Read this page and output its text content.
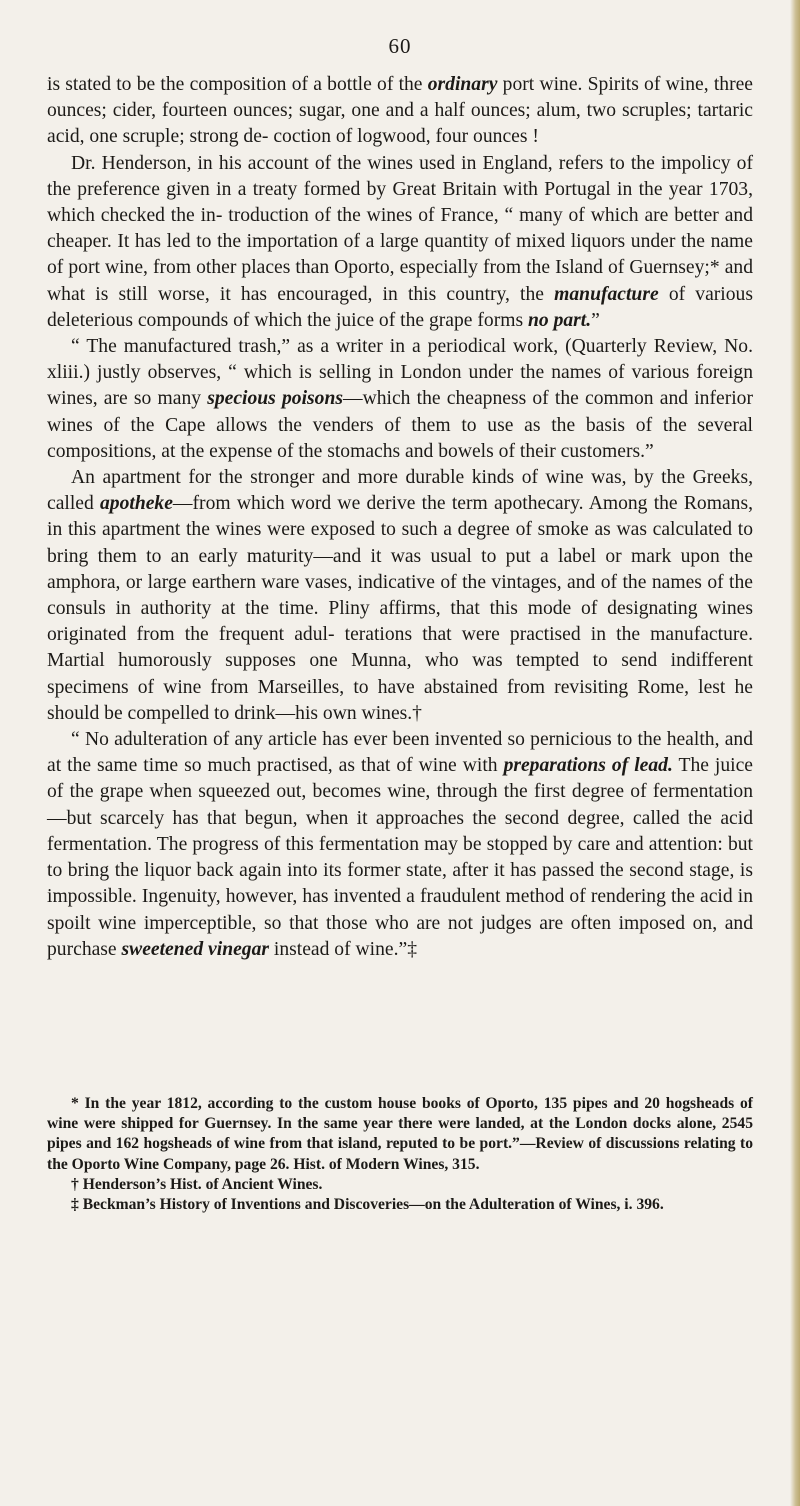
60

is stated to be the composition of a bottle of the ordinary port wine. Spirits of wine, three ounces; cider, fourteen ounces; sugar, one and a half ounces; alum, two scruples; tartaric acid, one scruple; strong de- coction of logwood, four ounces !

Dr. Henderson, in his account of the wines used in England, refers to the impolicy of the preference given in a treaty formed by Great Britain with Portugal in the year 1703, which checked the in- troduction of the wines of France, “ many of which are better and cheaper. It has led to the importation of a large quantity of mixed liquors under the name of port wine, from other places than Oporto, especially from the Island of Guernsey;* and what is still worse, it has encouraged, in this country, the manufacture of various deleterious compounds of which the juice of the grape forms no part.”

“ The manufactured trash,” as a writer in a periodical work, (Quarterly Review, No. xliii.) justly observes, “ which is selling in London under the names of various foreign wines, are so many specious poisons—which the cheapness of the common and inferior wines of the Cape allows the venders of them to use as the basis of the several compositions, at the expense of the stomachs and bowels of their customers.”

An apartment for the stronger and more durable kinds of wine was, by the Greeks, called apotheke—from which word we derive the term apothecary. Among the Romans, in this apartment the wines were exposed to such a degree of smoke as was calculated to bring them to an early maturity—and it was usual to put a label or mark upon the amphora, or large earthern ware vases, indicative of the vintages, and of the names of the consuls in authority at the time. Pliny affirms, that this mode of designating wines originated from the frequent adul- terations that were practised in the manufacture. Martial humorously supposes one Munna, who was tempted to send indifferent specimens of wine from Marseilles, to have abstained from revisiting Rome, lest he should be compelled to drink—his own wines.†

“ No adulteration of any article has ever been invented so pernicious to the health, and at the same time so much practised, as that of wine with preparations of lead. The juice of the grape when squeezed out, becomes wine, through the first degree of fermentation—but scarcely has that begun, when it approaches the second degree, called the acid fermentation. The progress of this fermentation may be stopped by care and attention: but to bring the liquor back again into its former state, after it has passed the second stage, is impossible. Ingenuity, however, has invented a fraudulent method of rendering the acid in spoilt wine imperceptible, so that those who are not judges are often imposed on, and purchase sweetened vinegar instead of wine.”‡

* In the year 1812, according to the custom house books of Oporto, 135 pipes and 20 hogsheads of wine were shipped for Guernsey. In the same year there were landed, at the London docks alone, 2545 pipes and 162 hogsheads of wine from that island, reputed to be port.”—Review of discussions relating to the Oporto Wine Company, page 26. Hist. of Modern Wines, 315.

† Henderson’s Hist. of Ancient Wines.

‡ Beckman’s History of Inventions and Discoveries—on the Adulteration of Wines, i. 396.
